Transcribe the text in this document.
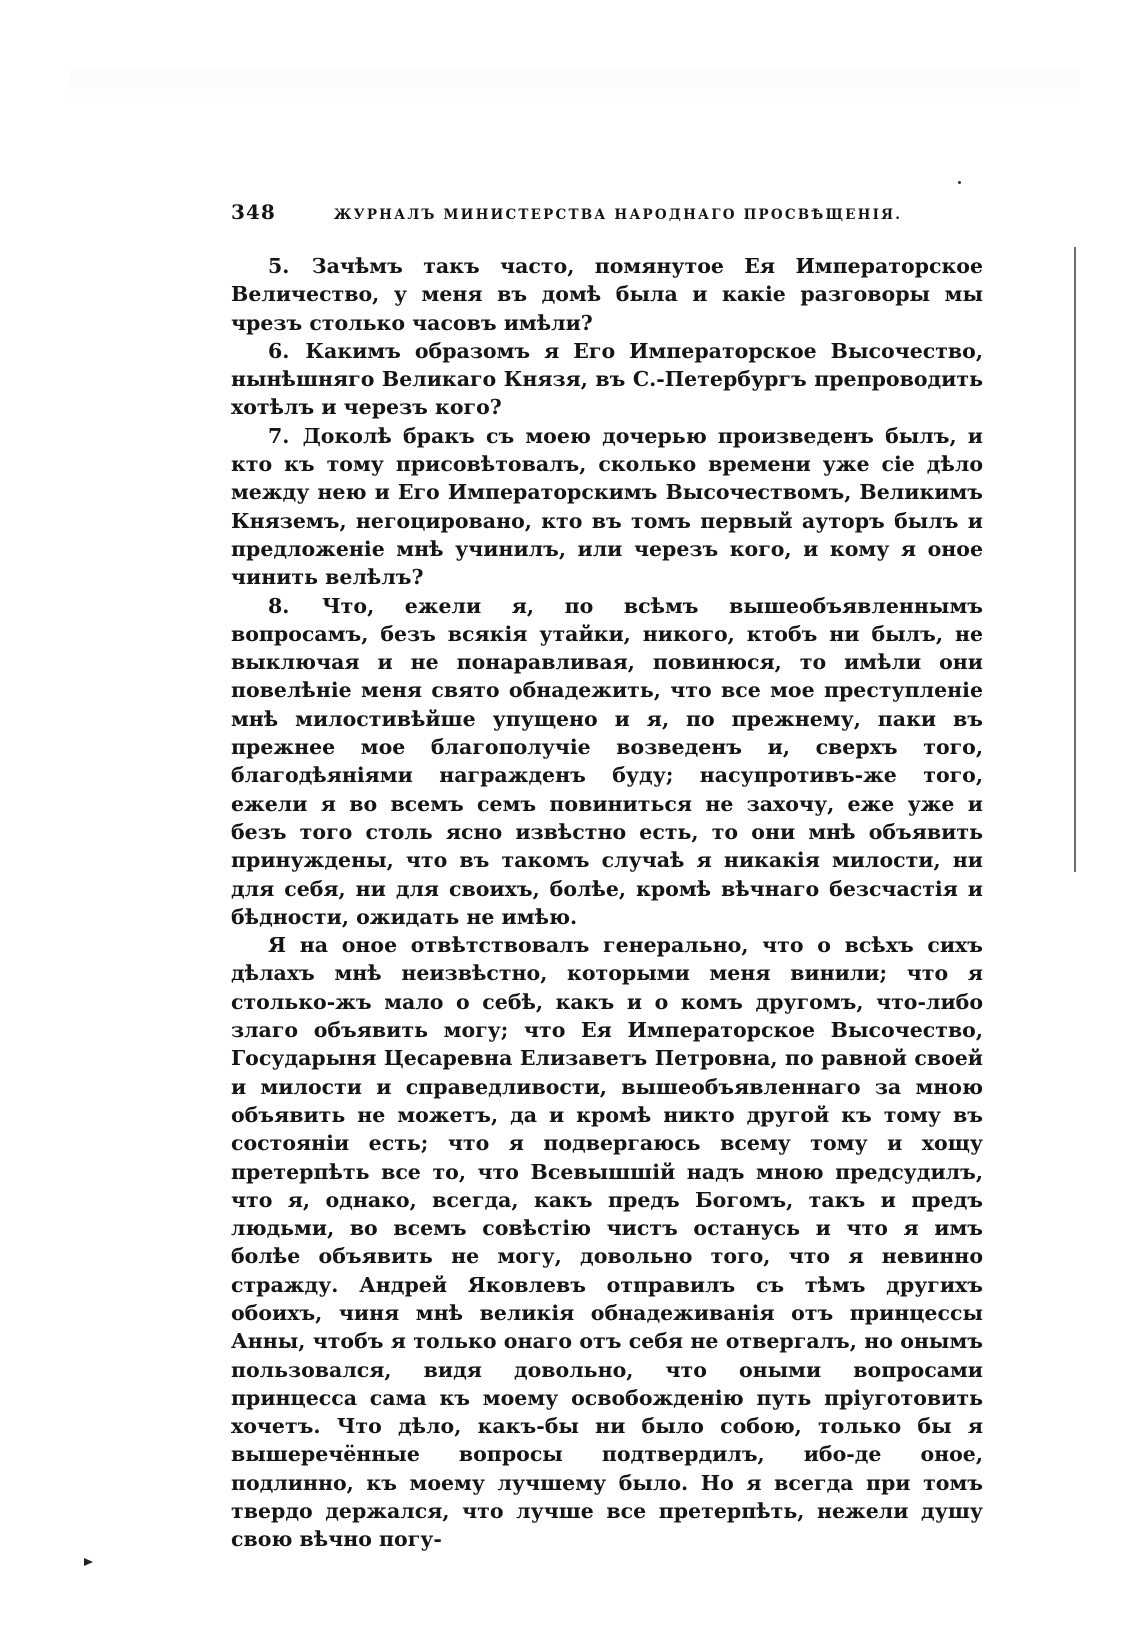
348	ЖУРНАЛЪ МИНИСТЕРСТВА НАРОДНАГО ПРОСВѢЩЕНІЯ.

5. Зачѣмъ такъ часто, помянутое Ея Императорское Величество, у меня въ домѣ была и какіе разговоры мы чрезъ столько часовъ имѣли?

6. Какимъ образомъ я Его Императорское Высочество, нынѣшняго Великаго Князя, въ С.-Петербургъ препроводить хотѣлъ и черезъ кого?

7. Доколѣ бракъ съ моею дочерью произведенъ былъ, и кто къ тому присовѣтовалъ, сколько времени уже сіе дѣло между нею и Его Императорскимъ Высочествомъ, Великимъ Княземъ, негоцировано, кто въ томъ первый ауторъ былъ и предложеніе мнѣ учинилъ, или черезъ кого, и кому я оное чинить велѣлъ?

8. Что, ежели я, по всѣмъ вышеобъявленнымъ вопросамъ, безъ всякія утайки, никого, ктобъ ни былъ, не выключая и не понаравливая, повинюся, то имѣли они повелѣніе меня свято обнадежить, что все мое преступленіе мнѣ милостивѣйше упущено и я, по прежнему, паки въ прежнее мое благополучіе возведенъ и, сверхъ того, благодѣяніями награжденъ буду; насупротивъ-же того, ежели я во всемъ семъ повиниться не захочу, еже уже и безъ того столь ясно извѣстно есть, то они мнѣ объявить принуждены, что въ такомъ случаѣ я никакія милости, ни для себя, ни для своихъ, болѣе, кромѣ вѣчнаго безсчастія и бѣдности, ожидать не имѣю.

Я на оное отвѣтствовалъ генерально, что о всѣхъ сихъ дѣлахъ мнѣ неизвѣстно, которыми меня винили; что я столько-жъ мало о себѣ, какъ и о комъ другомъ, что-либо злаго объявить могу; что Ея Императорское Высочество, Государыня Цесаревна Елизаветъ Петровна, по равной своей и милости и справедливости, вышеобъявленнаго за мною объявить не можетъ, да и кромѣ никто другой къ тому въ состояніи есть; что я подвергаюсь всему тому и хощу претерпѣть все то, что Всевышшій надъ мною предсудилъ, что я, однако, всегда, какъ предъ Богомъ, такъ и предъ людьми, во всемъ совѣстію чистъ останусь и что я имъ болѣе объявить не могу, довольно того, что я невинно стражду. Андрей Яковлевъ отправилъ съ тѣмъ другихъ обоихъ, чиня мнѣ великія обнадеживанія отъ принцессы Анны, чтобъ я только онаго отъ себя не отвергалъ, но онымъ пользовался, видя довольно, что оными вопросами принцесса сама къ моему освобожденію путь пріуготовить хочетъ. Что дѣло, какъ-бы ни было собою, только бы я вышеречённые вопросы подтвердилъ, ибо-де оное, подлинно, къ моему лучшему было. Но я всегда при томъ твердо держался, что лучше все претерпѣть, нежели душу свою вѣчно погу-
